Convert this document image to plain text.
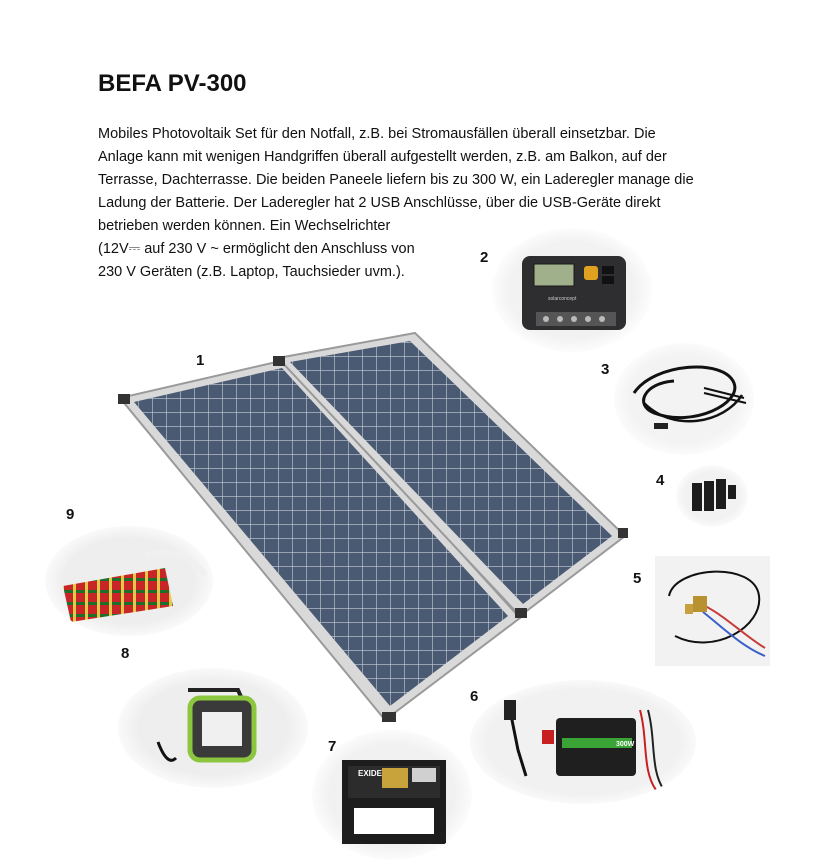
BEFA PV-300
Mobiles Photovoltaik Set für den Notfall, z.B. bei Stromausfällen überall einsetzbar. Die
Anlage kann mit wenigen Handgriffen überall aufgestellt werden, z.B. am Balkon, auf der
Terrasse, Dachterrasse. Die beiden Paneele liefern bis zu 300 W, ein Laderegler manage die
Ladung der Batterie. Der Laderegler hat 2 USB Anschlüsse, über die USB-Geräte direkt
betrieben werden können. Ein Wechselrichter
(12V⎓ auf 230 V ~ ermöglicht den Anschluss von
230 V Geräten (z.B. Laptop, Tauchsieder uvm.).
1
2
3
4
5
6
7
8
9
solarconcept
300W
EXIDE
